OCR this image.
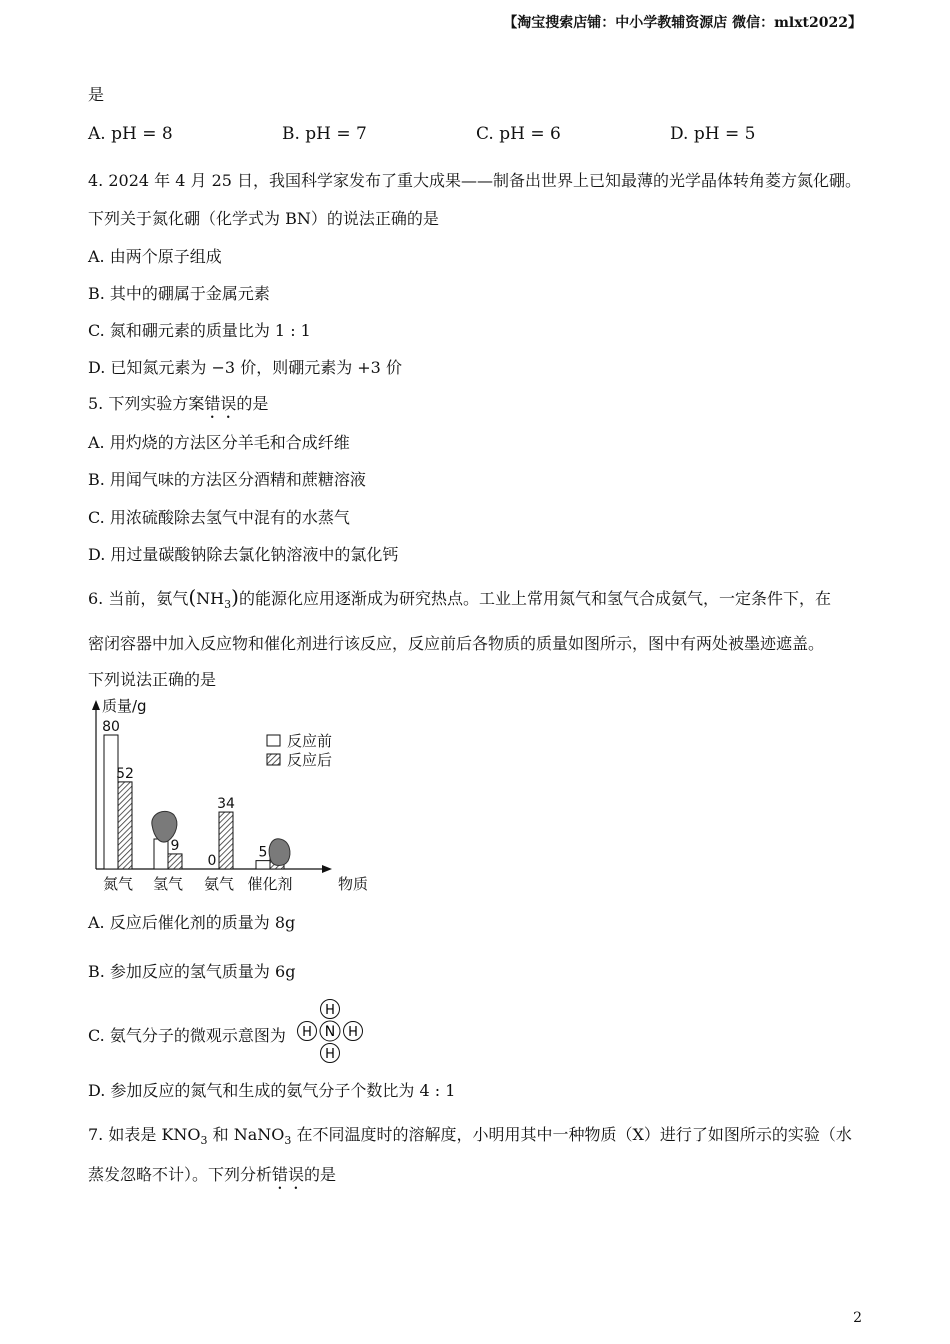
【淘宝搜索店铺：中小学教辅资源店 微信：mlxt2022】
是
A. pH = 8	B. pH = 7	C. pH = 6	D. pH = 5
4. 2024 年 4 月 25 日，我国科学家发布了重大成果——制备出世界上已知最薄的光学晶体转角菱方氮化硼。
下列关于氮化硼（化学式为 BN）的说法正确的是
A. 由两个原子组成
B. 其中的硼属于金属元素
C. 氮和硼元素的质量比为 1 : 1
D. 已知氮元素为 −3 价，则硼元素为 +3 价
5. 下列实验方案错误的是
A. 用灼烧的方法区分羊毛和合成纤维
B. 用闻气味的方法区分酒精和蔗糖溶液
C. 用浓硫酸除去氢气中混有的水蒸气
D. 用过量碳酸钠除去氯化钠溶液中的氯化钙
6. 当前，氨气$(NH_3)$的能源化应用逐渐成为研究热点。工业上常用氮气和氢气合成氨气，一定条件下，在
密闭容器中加入反应物和催化剂进行该反应，反应前后各物质的质量如图所示，图中有两处被墨迹遮盖。
下列说法正确的是
质量/g
物质
氮气 氢气 氨气 催化剂
80
5
52
9
34
0
反应前
反应后
A. 反应后催化剂的质量为 8g
B. 参加反应的氢气质量为 6g
C. 氨气分子的微观示意图为	N
H
H	H
H
D. 参加反应的氮气和生成的氨气分子个数比为 4 : 1
7. 如表是 $KNO_3$ 和 NaNO$_3$ 在不同温度时的溶解度，小明用其中一种物质（X）进行了如图所示的实验（水
蒸发忽略不计）。下列分析错误的是
2
